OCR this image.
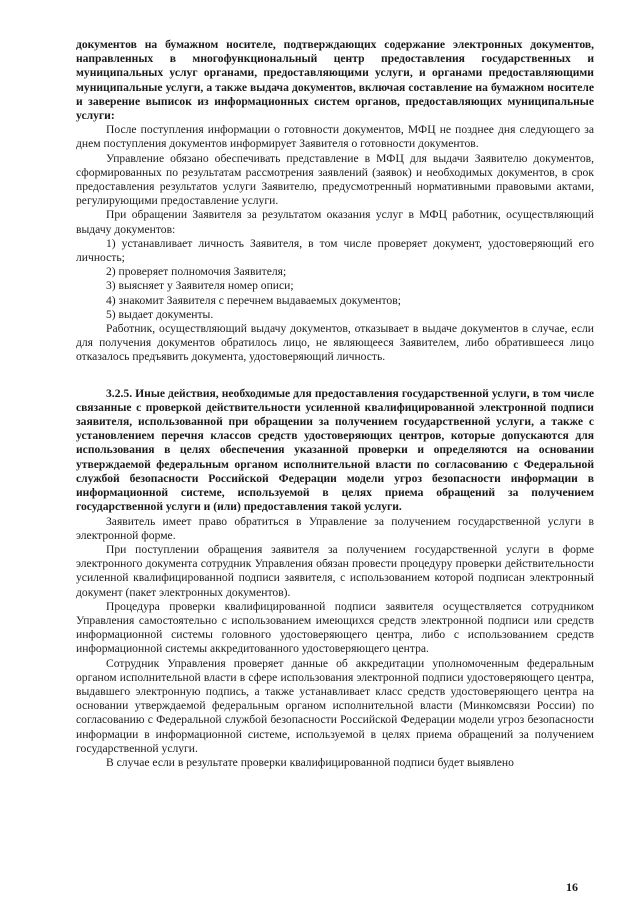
документов на бумажном носителе, подтверждающих содержание электронных документов, направленных в многофункциональный центр предоставления государственных и муниципальных услуг органами, предоставляющими услуги, и органами предоставляющими муниципальные услуги, а также выдача документов, включая составление на бумажном носителе и заверение выписок из информационных систем органов, предоставляющих муниципальные услуги:

После поступления информации о готовности документов, МФЦ не позднее дня следующего за днем поступления документов информирует Заявителя о готовности документов.

Управление обязано обеспечивать представление в МФЦ для выдачи Заявителю документов, сформированных по результатам рассмотрения заявлений (заявок) и необходимых документов, в срок предоставления результатов услуги Заявителю, предусмотренный нормативными правовыми актами, регулирующими предоставление услуги.

При обращении Заявителя за результатом оказания услуг в МФЦ работник, осуществляющий выдачу документов:

1) устанавливает личность Заявителя, в том числе проверяет документ, удостоверяющий его личность;

2) проверяет полномочия Заявителя;

3) выясняет у Заявителя номер описи;

4) знакомит Заявителя с перечнем выдаваемых документов;

5) выдает документы.

Работник, осуществляющий выдачу документов, отказывает в выдаче документов в случае, если для получения документов обратилось лицо, не являющееся Заявителем, либо обратившееся лицо отказалось предъявить документа, удостоверяющий личность.

3.2.5. Иные действия, необходимые для предоставления государственной услуги, в том числе связанные с проверкой действительности усиленной квалифицированной электронной подписи заявителя, использованной при обращении за получением государственной услуги, а также с установлением перечня классов средств удостоверяющих центров, которые допускаются для использования в целях обеспечения указанной проверки и определяются на основании утверждаемой федеральным органом исполнительной власти по согласованию с Федеральной службой безопасности Российской Федерации модели угроз безопасности информации в информационной системе, используемой в целях приема обращений за получением государственной услуги и (или) предоставления такой услуги.

Заявитель имеет право обратиться в Управление за получением государственной услуги в электронной форме.

При поступлении обращения заявителя за получением государственной услуги в форме электронного документа сотрудник Управления обязан провести процедуру проверки действительности усиленной квалифицированной подписи заявителя, с использованием которой подписан электронный документ (пакет электронных документов).

Процедура проверки квалифицированной подписи заявителя осуществляется сотрудником Управления самостоятельно с использованием имеющихся средств электронной подписи или средств информационной системы головного удостоверяющего центра, либо с использованием средств информационной системы аккредитованного удостоверяющего центра.

Сотрудник Управления проверяет данные об аккредитации уполномоченным федеральным органом исполнительной власти в сфере использования электронной подписи удостоверяющего центра, выдавшего электронную подпись, а также устанавливает класс средств удостоверяющего центра на основании утверждаемой федеральным органом исполнительной власти (Минкомсвязи России) по согласованию с Федеральной службой безопасности Российской Федерации модели угроз безопасности информации в информационной системе, используемой в целях приема обращений за получением государственной услуги.

В случае если в результате проверки квалифицированной подписи будет выявлено

16
